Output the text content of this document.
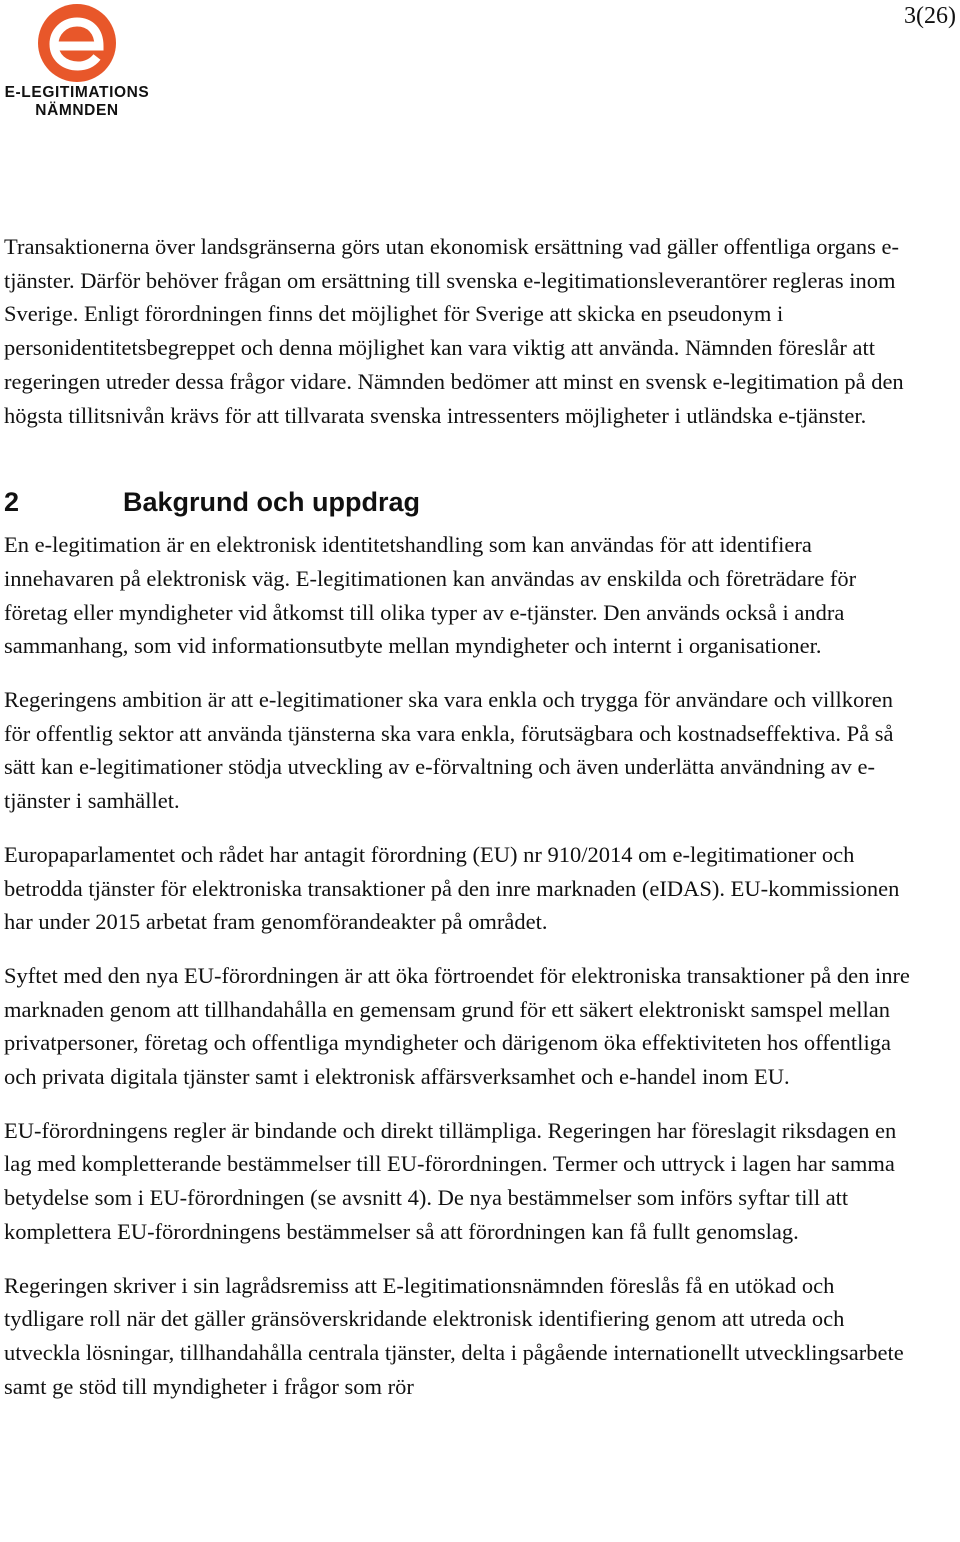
E-LEGITIMATIONS
NÄMNDEN
3(26)

Transaktionerna över landsgränserna görs utan ekonomisk ersättning vad gäller offentliga organs e-tjänster. Därför behöver frågan om ersättning till svenska e-legitimationsleverantörer regleras inom Sverige. Enligt förordningen finns det möjlighet för Sverige att skicka en pseudonym i personidentitetsbegreppet och denna möjlighet kan vara viktig att använda. Nämnden föreslår att regeringen utreder dessa frågor vidare. Nämnden bedömer att minst en svensk e-legitimation på den högsta tillitsnivån krävs för att tillvarata svenska intressenters möjligheter i utländska e-tjänster.

2	Bakgrund och uppdrag

En e-legitimation är en elektronisk identitetshandling som kan användas för att identifiera innehavaren på elektronisk väg. E-legitimationen kan användas av enskilda och företrädare för företag eller myndigheter vid åtkomst till olika typer av e-tjänster. Den används också i andra sammanhang, som vid informationsutbyte mellan myndigheter och internt i organisationer.

Regeringens ambition är att e-legitimationer ska vara enkla och trygga för användare och villkoren för offentlig sektor att använda tjänsterna ska vara enkla, förutsägbara och kostnadseffektiva. På så sätt kan e-legitimationer stödja utveckling av e-förvaltning och även underlätta användning av e-tjänster i samhället.

Europaparlamentet och rådet har antagit förordning (EU) nr 910/2014 om e-legitimationer och betrodda tjänster för elektroniska transaktioner på den inre marknaden (eIDAS). EU-kommissionen har under 2015 arbetat fram genomförandeakter på området.

Syftet med den nya EU-förordningen är att öka förtroendet för elektroniska transaktioner på den inre marknaden genom att tillhandahålla en gemensam grund för ett säkert elektroniskt samspel mellan privatpersoner, företag och offentliga myndigheter och därigenom öka effektiviteten hos offentliga och privata digitala tjänster samt i elektronisk affärsverksamhet och e-handel inom EU.

EU-förordningens regler är bindande och direkt tillämpliga. Regeringen har föreslagit riksdagen en lag med kompletterande bestämmelser till EU-förordningen. Termer och uttryck i lagen har samma betydelse som i EU-förordningen (se avsnitt 4). De nya bestämmelser som införs syftar till att komplettera EU-förordningens bestämmelser så att förordningen kan få fullt genomslag.

Regeringen skriver i sin lagrådsremiss att E-legitimationsnämnden föreslås få en utökad och tydligare roll när det gäller gränsöverskridande elektronisk identifiering genom att utreda och utveckla lösningar, tillhandahålla centrala tjänster, delta i pågående internationellt utvecklingsarbete samt ge stöd till myndigheter i frågor som rör
